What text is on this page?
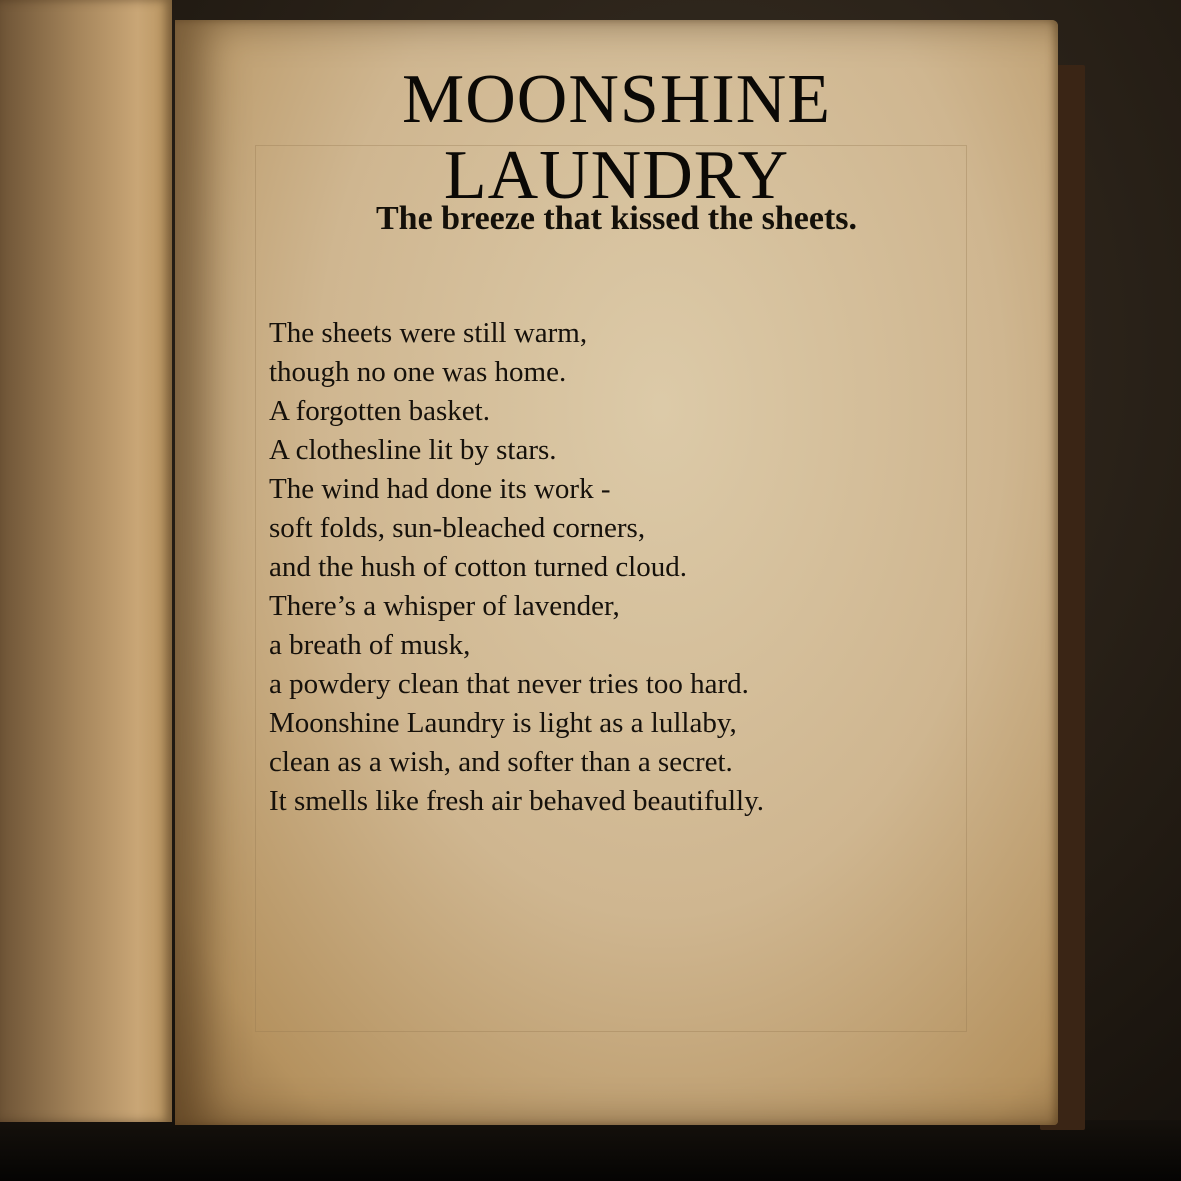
MOONSHINE
LAUNDRY
The breeze that kissed the sheets.
The sheets were still warm,
though no one was home.
A forgotten basket.
A clothesline lit by stars.
The wind had done its work -
soft folds, sun-bleached corners,
and the hush of cotton turned cloud.
There’s a whisper of lavender,
a breath of musk,
a powdery clean that never tries too hard.
Moonshine Laundry is light as a lullaby,
clean as a wish, and softer than a secret.
It smells like fresh air behaved beautifully.
